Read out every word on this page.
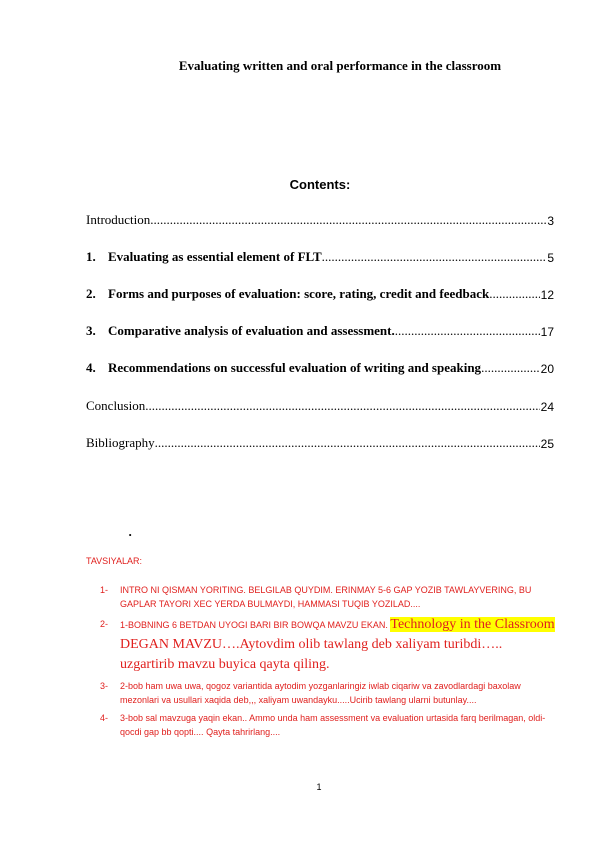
Evaluating written and oral performance in the classroom
Contents:
Introduction .....	3
1. Evaluating as essential element of FLT .....	5
2. Forms and purposes of evaluation: score, rating, credit and feedback .....	12
3. Comparative analysis of evaluation and assessment. .....	17
4. Recommendations on successful evaluation of writing and speaking .....	20
Conclusion .....	24
Bibliography .....	25
·
TAVSIYALAR:
1- INTRO NI QISMAN YORITING. BELGILAB QUYDIM. ERINMAY 5-6 GAP YOZIB TAWLAYVERING, BU GAPLAR TAYORI XEC YERDA BULMAYDI, HAMMASI TUQIB YOZILAD....
2- 1-BOBNING 6 BETDAN UYOGI BARI BIR BOWQA MAVZU EKAN. Technology in the Classroom DEGAN MAVZU….Aytovdim olib tawlang deb xaliyam turibdi….. uzgartirib mavzu buyica qayta qiling.
3- 2-bob ham uwa uwa, qogoz variantida aytodim yozganlaringiz iwlab ciqariw va zavodlardagi baxolaw mezonlari va usullari xaqida deb,,, xaliyam uwandayku.....Ucirib tawlang ularni butunlay....
4- 3-bob sal mavzuga yaqin ekan.. Ammo unda ham assessment va evaluation urtasida farq berilmagan, oldi-qocdi gap bb qopti.... Qayta tahrirlang....
1
